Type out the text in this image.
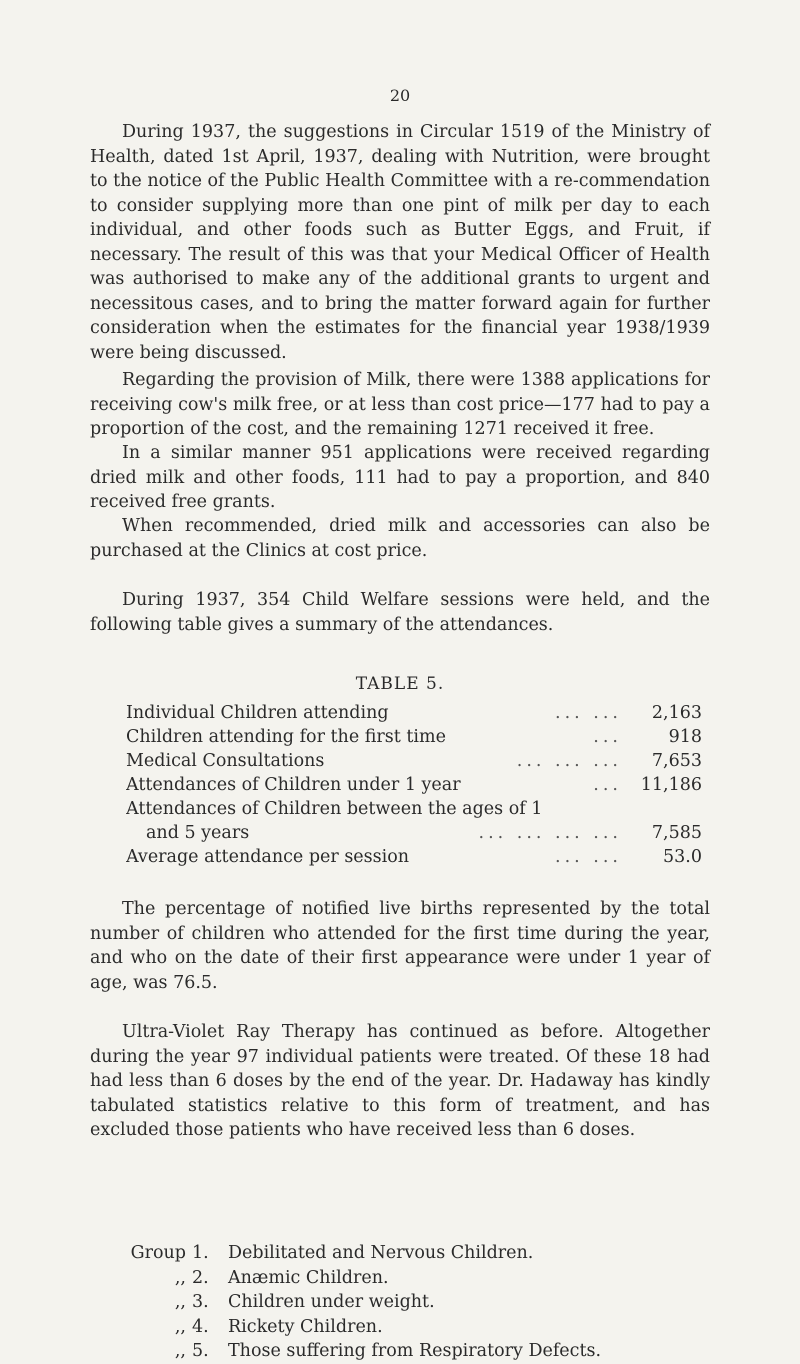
20

During 1937, the suggestions in Circular 1519 of the Ministry of Health, dated 1st April, 1937, dealing with Nutrition, were brought to the notice of the Public Health Committee with a re-commendation to consider supplying more than one pint of milk per day to each individual, and other foods such as Butter Eggs, and Fruit, if necessary. The result of this was that your Medical Officer of Health was authorised to make any of the additional grants to urgent and necessitous cases, and to bring the matter forward again for further consideration when the estimates for the financial year 1938/1939 were being discussed.

Regarding the provision of Milk, there were 1388 applications for receiving cow's milk free, or at less than cost price—177 had to pay a proportion of the cost, and the remaining 1271 received it free.

In a similar manner 951 applications were received regarding dried milk and other foods, 111 had to pay a proportion, and 840 received free grants.

When recommended, dried milk and accessories can also be purchased at the Clinics at cost price.

During 1937, 354 Child Welfare sessions were held, and the following table gives a summary of the attendances.

TABLE 5.
Individual Children attending	... ...	2,163
Children attending for the first time	...	918
Medical Consultations	... ... ...	7,653
Attendances of Children under 1 year	...	11,186
Attendances of Children between the ages of 1
and 5 years	... ... ... ...	7,585
Average attendance per session	... ...	53.0

The percentage of notified live births represented by the total number of children who attended for the first time during the year, and who on the date of their first appearance were under 1 year of age, was 76.5.

Ultra-Violet Ray Therapy has continued as before. Altogether during the year 97 individual patients were treated. Of these 18 had had less than 6 doses by the end of the year. Dr. Hadaway has kindly tabulated statistics relative to this form of treatment, and has excluded those patients who have received less than 6 doses.

Group 1.	Debilitated and Nervous Children.
,, 2.	Anæmic Children.
,, 3.	Children under weight.
,, 4.	Rickety Children.
,, 5.	Those suffering from Respiratory Defects.
